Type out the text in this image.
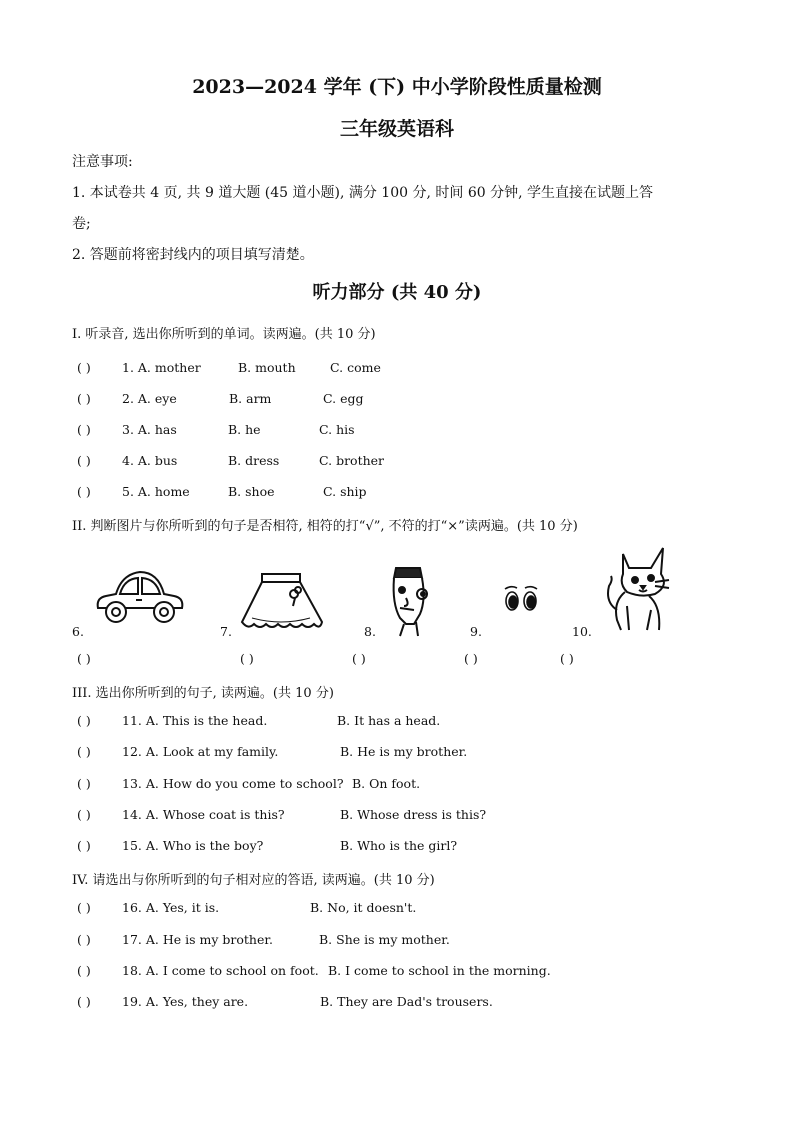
2023—2024 学年 (下) 中小学阶段性质量检测
三年级英语科
注意事项:
1. 本试卷共 4 页, 共 9 道大题 (45 道小题), 满分 100 分, 时间 60 分钟, 学生直接在试题上答
卷;
2. 答题前将密封线内的项目填写清楚。
听力部分 (共 40 分)
I. 听录音, 选出你所听到的单词。读两遍。(共 10 分)
( )	1. A. mother	B. mouth	C. come
( )	2. A. eye	B. arm	C. egg
( )	3. A. has	B. he	C. his
( )	4. A. bus	B. dress	C. brother
( )	5. A. home	B. shoe	C. ship
II. 判断图片与你所听到的句子是否相符, 相符的打“√”, 不符的打“×”读两遍。(共 10 分)
6.	7.	8.	9.	10.
( )	( )	( )	( )	( )
III. 选出你所听到的句子, 读两遍。(共 10 分)
( )	11. A. This is the head.	B. It has a head.
( )	12. A. Look at my family.	B. He is my brother.
( )	13. A. How do you come to school? B. On foot.
( )	14. A. Whose coat is this?	B. Whose dress is this?
( )	15. A. Who is the boy?	B. Who is the girl?
IV. 请选出与你所听到的句子相对应的答语, 读两遍。(共 10 分)
( )	16. A. Yes, it is.	B. No, it doesn't.
( )	17. A. He is my brother.	B. She is my mother.
( )	18. A. I come to school on foot. B. I come to school in the morning.
( )	19. A. Yes, they are.	B. They are Dad's trousers.
